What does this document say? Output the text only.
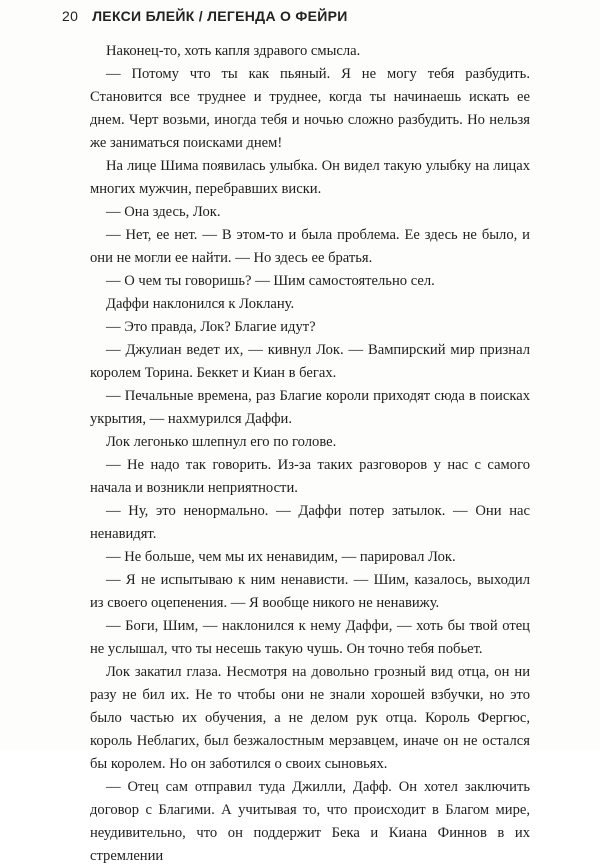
20 ЛЕКСИ БЛЕЙК / ЛЕГЕНДА О ФЕЙРИ

Наконец-то, хоть капля здравого смысла.

— Потому что ты как пьяный. Я не могу тебя разбудить. Становится все труднее и труднее, когда ты начинаешь искать ее днем. Черт возьми, иногда тебя и ночью сложно разбудить. Но нельзя же заниматься поисками днем!

На лице Шима появилась улыбка. Он видел такую улыбку на лицах многих мужчин, перебравших виски.

— Она здесь, Лок.

— Нет, ее нет. — В этом-то и была проблема. Ее здесь не было, и они не могли ее найти. — Но здесь ее братья.

— О чем ты говоришь? — Шим самостоятельно сел.

Даффи наклонился к Локлану.

— Это правда, Лок? Благие идут?

— Джулиан ведет их, — кивнул Лок. — Вампирский мир признал королем Торина. Беккет и Киан в бегах.

— Печальные времена, раз Благие короли приходят сюда в поисках укрытия, — нахмурился Даффи.

Лок легонько шлепнул его по голове.

— Не надо так говорить. Из-за таких разговоров у нас с самого начала и возникли неприятности.

— Ну, это ненормально. — Даффи потер затылок. — Они нас ненавидят.

— Не больше, чем мы их ненавидим, — парировал Лок.

— Я не испытываю к ним ненависти. — Шим, казалось, выходил из своего оцепенения. — Я вообще никого не ненавижу.

— Боги, Шим, — наклонился к нему Даффи, — хоть бы твой отец не услышал, что ты несешь такую чушь. Он точно тебя побьет.

Лок закатил глаза. Несмотря на довольно грозный вид отца, он ни разу не бил их. Не то чтобы они не знали хорошей взбучки, но это было частью их обучения, а не делом рук отца. Король Фергюс, король Неблагих, был безжалостным мерзавцем, иначе он не остался бы королем. Но он заботился о своих сыновьях.

— Отец сам отправил туда Джилли, Дафф. Он хотел заключить договор с Благими. А учитывая то, что происходит в Благом мире, неудивительно, что он поддержит Бека и Киана Финнов в их стремлении
